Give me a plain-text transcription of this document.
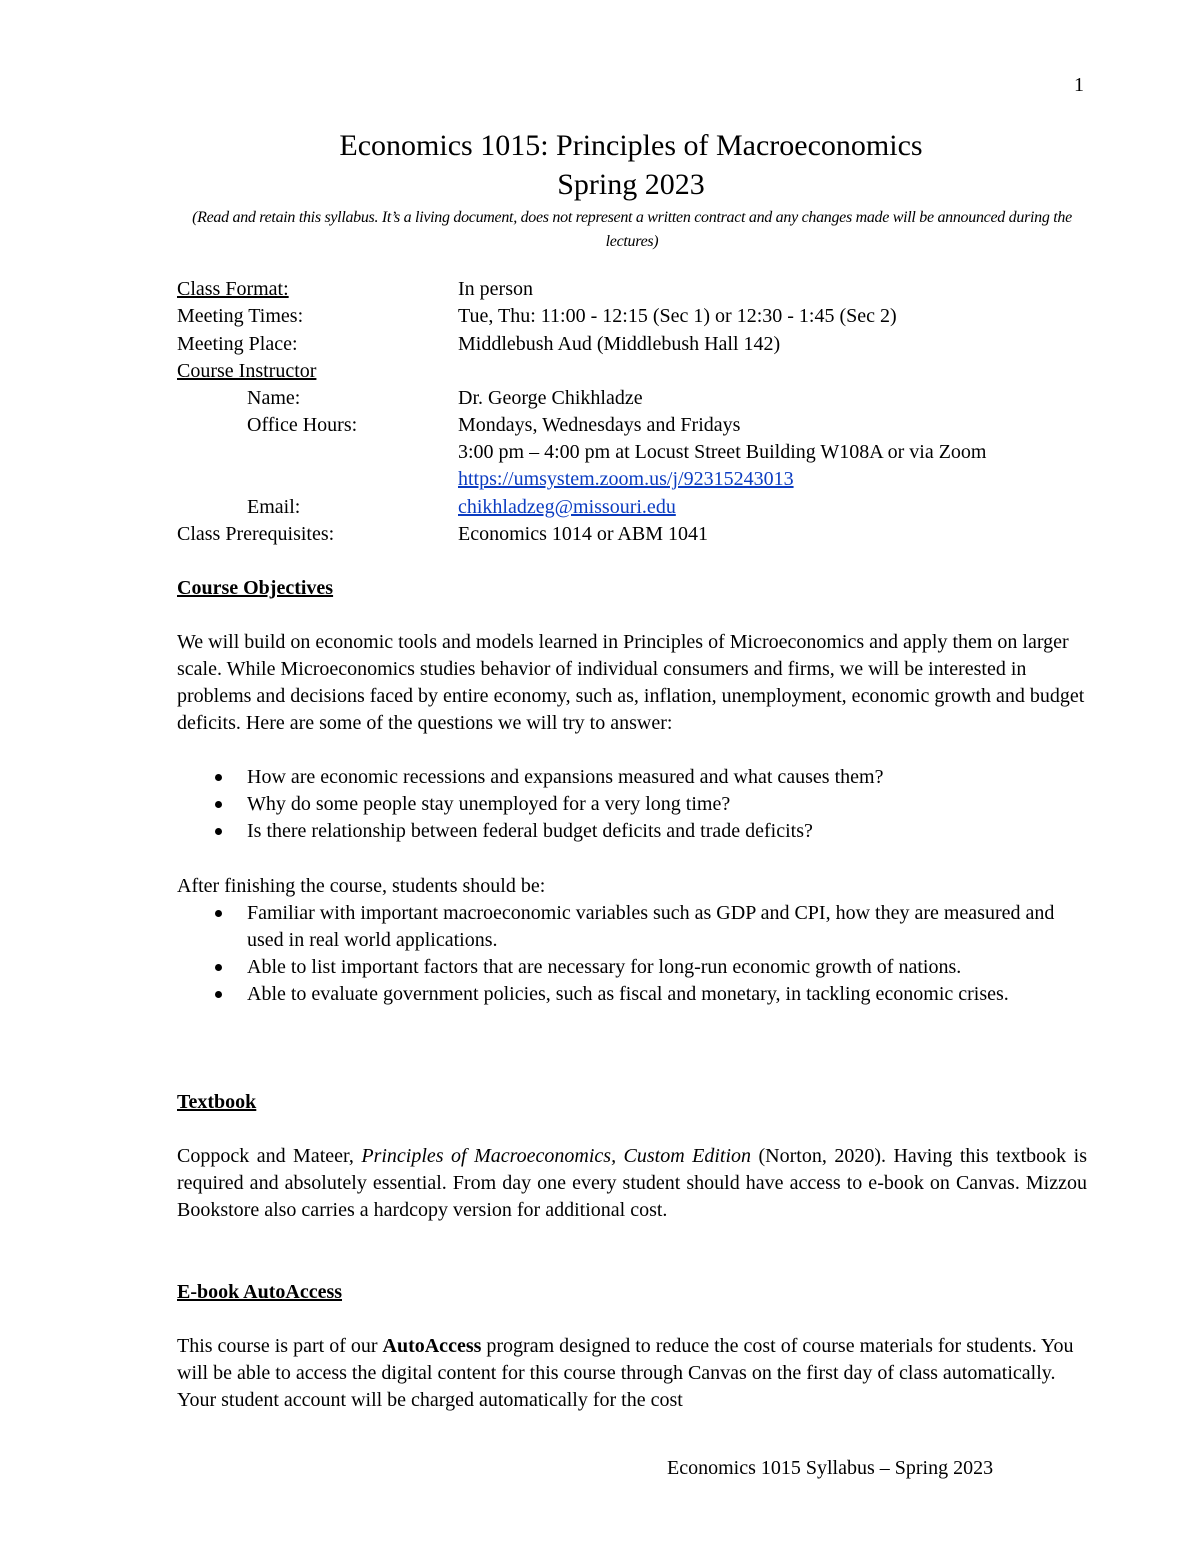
1
Economics 1015: Principles of Macroeconomics
Spring 2023
(Read and retain this syllabus. It’s a living document, does not represent a written contract and any changes made will be announced during the lectures)
Class Format:	In person
Meeting Times:	Tue, Thu: 11:00 - 12:15 (Sec 1) or 12:30 - 1:45 (Sec 2)
Meeting Place:	Middlebush Aud (Middlebush Hall 142)
Course Instructor
Name:	Dr. George Chikhladze
Office Hours:	Mondays, Wednesdays and Fridays
3:00 pm – 4:00 pm at Locust Street Building W108A or via Zoom
https://umsystem.zoom.us/j/92315243013
Email:	chikhladzeg@missouri.edu
Class Prerequisites:	Economics 1014 or ABM 1041
Course Objectives
We will build on economic tools and models learned in Principles of Microeconomics and apply them on larger scale. While Microeconomics studies behavior of individual consumers and firms, we will be interested in problems and decisions faced by entire economy, such as, inflation, unemployment, economic growth and budget deficits. Here are some of the questions we will try to answer:
How are economic recessions and expansions measured and what causes them?
Why do some people stay unemployed for a very long time?
Is there relationship between federal budget deficits and trade deficits?
After finishing the course, students should be:
Familiar with important macroeconomic variables such as GDP and CPI, how they are measured and used in real world applications.
Able to list important factors that are necessary for long-run economic growth of nations.
Able to evaluate government policies, such as fiscal and monetary, in tackling economic crises.
Textbook
Coppock and Mateer, Principles of Macroeconomics, Custom Edition (Norton, 2020). Having this textbook is required and absolutely essential. From day one every student should have access to e-book on Canvas. Mizzou Bookstore also carries a hardcopy version for additional cost.
E-book AutoAccess
This course is part of our AutoAccess program designed to reduce the cost of course materials for students. You will be able to access the digital content for this course through Canvas on the first day of class automatically. Your student account will be charged automatically for the cost
Economics 1015 Syllabus – Spring 2023
